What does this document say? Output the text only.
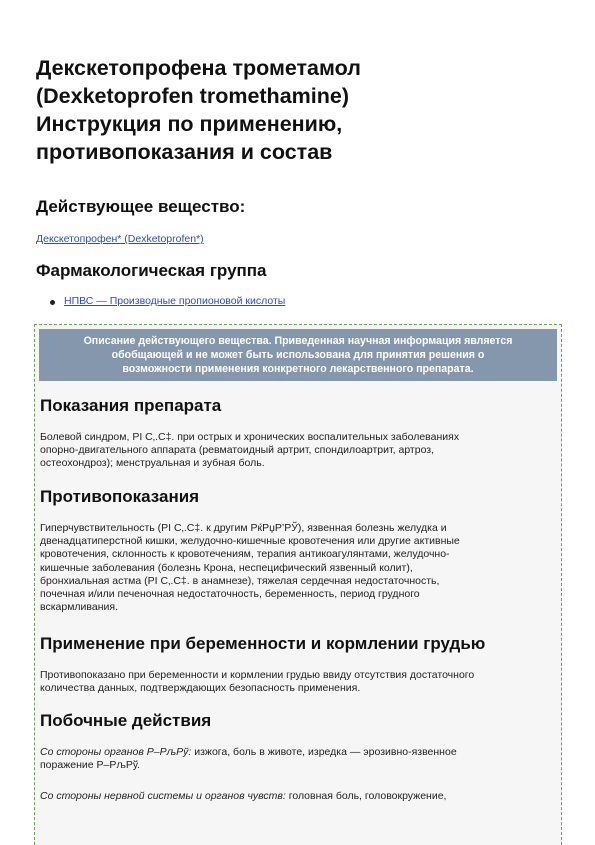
Декскетопрофена трометамол
(Dexketoprofen tromethamine)
Инструкция по применению,
противопоказания и состав
Действующее вещество:
Декскетопрофен* (Dexketoprofen*)
Фармакологическая группа
НПВС — Производные пропионовой кислоты
Описание действующего вещества. Приведенная научная информация является
обобщающей и не может быть использована для принятия решения о
возможности применения конкретного лекарственного препарата.
Показания препарата
Болевой синдром, РІ С‚.С‡. при острых и хронических воспалительных заболеваниях
опорно-двигательного аппарата (ревматоидный артрит, спондилоартрит, артроз,
остеохондроз); менструальная и зубная боль.
Противопоказания
Гиперчувствительность (РІ С‚.С‡. к другим РќРџР’РЎ), язвенная болезнь желудка и
двенадцатиперстной кишки, желудочно-кишечные кровотечения или другие активные
кровотечения, склонность к кровотечениям, терапия антикоагулянтами, желудочно-
кишечные заболевания (болезнь Крона, неспецифический язвенный колит),
бронхиальная астма (РІ С‚.С‡. в анамнезе), тяжелая сердечная недостаточность,
почечная и/или печеночная недостаточность, беременность, период грудного
вскармливания.
Применение при беременности и кормлении грудью
Противопоказано при беременности и кормлении грудью ввиду отсутствия достаточного
количества данных, подтверждающих безопасность применения.
Побочные действия
Со стороны органов Р–РљРў: изжога, боль в животе, изредка — эрозивно-язвенное
поражение Р–РљРў.
Со стороны нервной системы и органов чувств: головная боль, головокружение,
